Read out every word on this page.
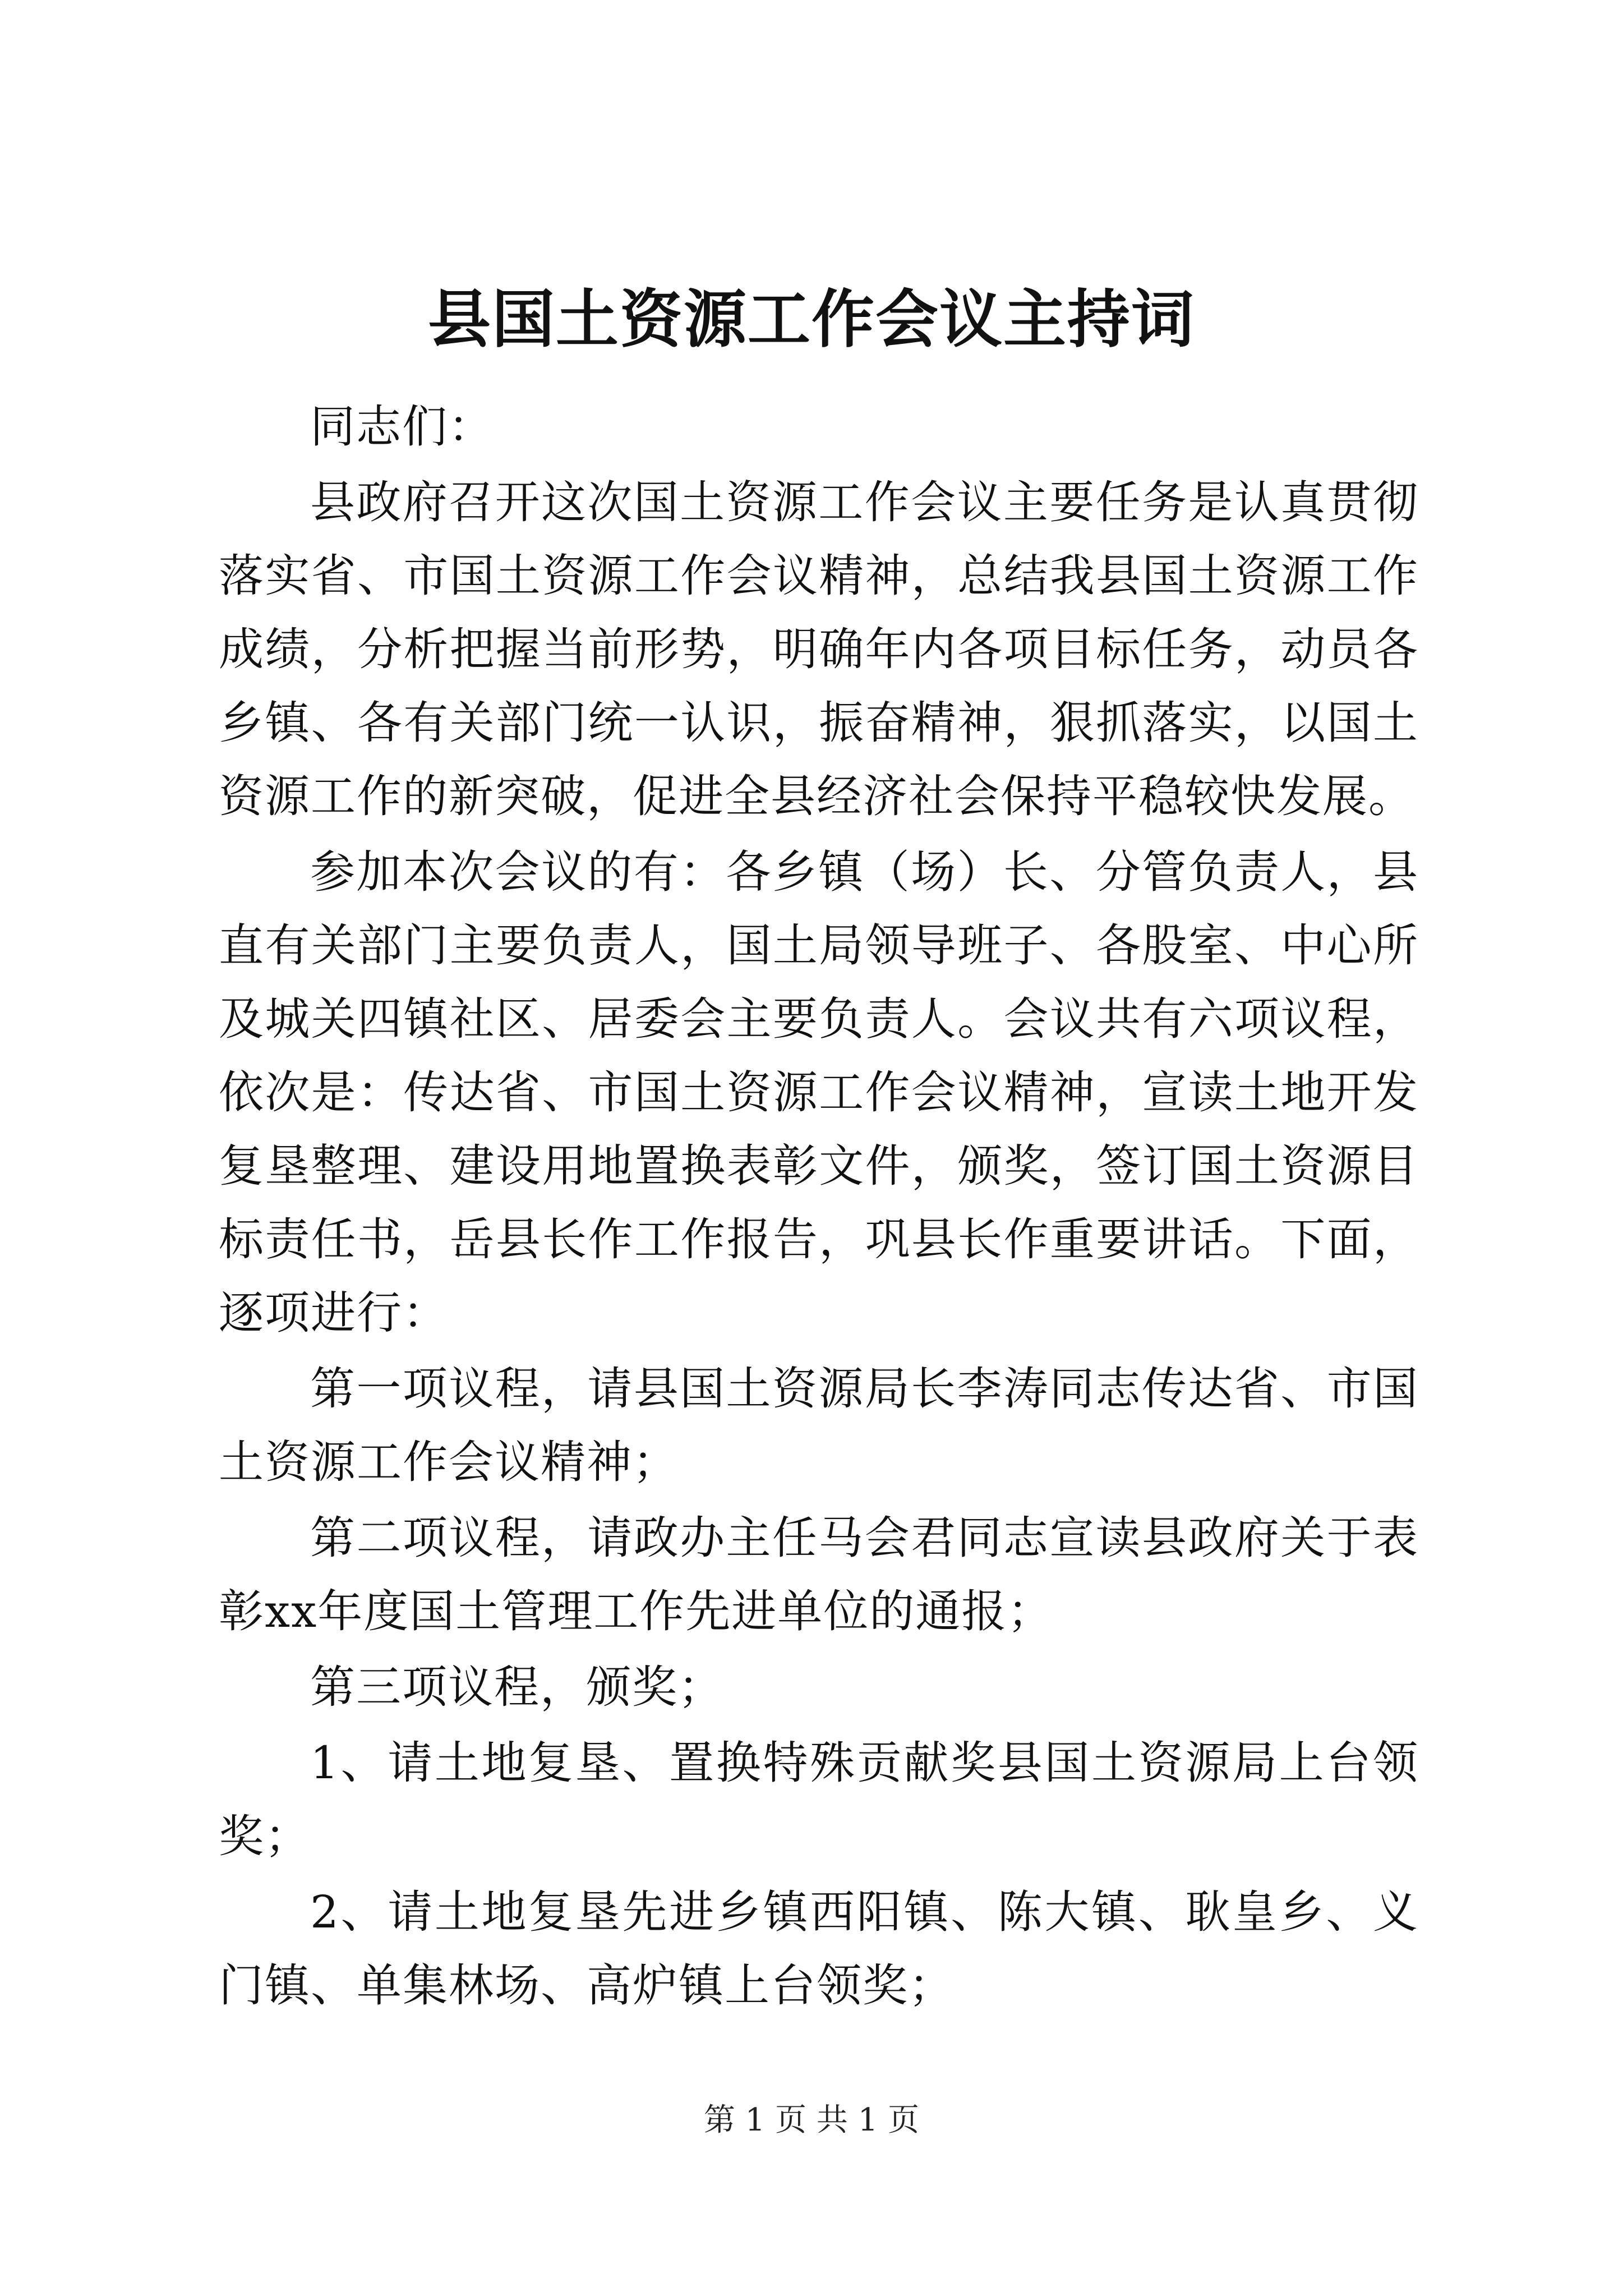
县国土资源工作会议主持词

同志们：

县政府召开这次国土资源工作会议主要任务是认真贯彻落实省、市国土资源工作会议精神，总结我县国土资源工作成绩，分析把握当前形势，明确年内各项目标任务，动员各乡镇、各有关部门统一认识，振奋精神，狠抓落实，以国土资源工作的新突破，促进全县经济社会保持平稳较快发展。

参加本次会议的有：各乡镇（场）长、分管负责人，县直有关部门主要负责人，国土局领导班子、各股室、中心所及城关四镇社区、居委会主要负责人。会议共有六项议程，依次是：传达省、市国土资源工作会议精神，宣读土地开发复垦整理、建设用地置换表彰文件，颁奖，签订国土资源目标责任书，岳县长作工作报告，巩县长作重要讲话。下面，逐项进行：

第一项议程，请县国土资源局长李涛同志传达省、市国土资源工作会议精神；

第二项议程，请政办主任马会君同志宣读县政府关于表彰xx年度国土管理工作先进单位的通报；

第三项议程，颁奖；

1、请土地复垦、置换特殊贡献奖县国土资源局上台领奖；

2、请土地复垦先进乡镇西阳镇、陈大镇、耿皇乡、义门镇、单集林场、高炉镇上台领奖；

第 1 页 共 1 页
